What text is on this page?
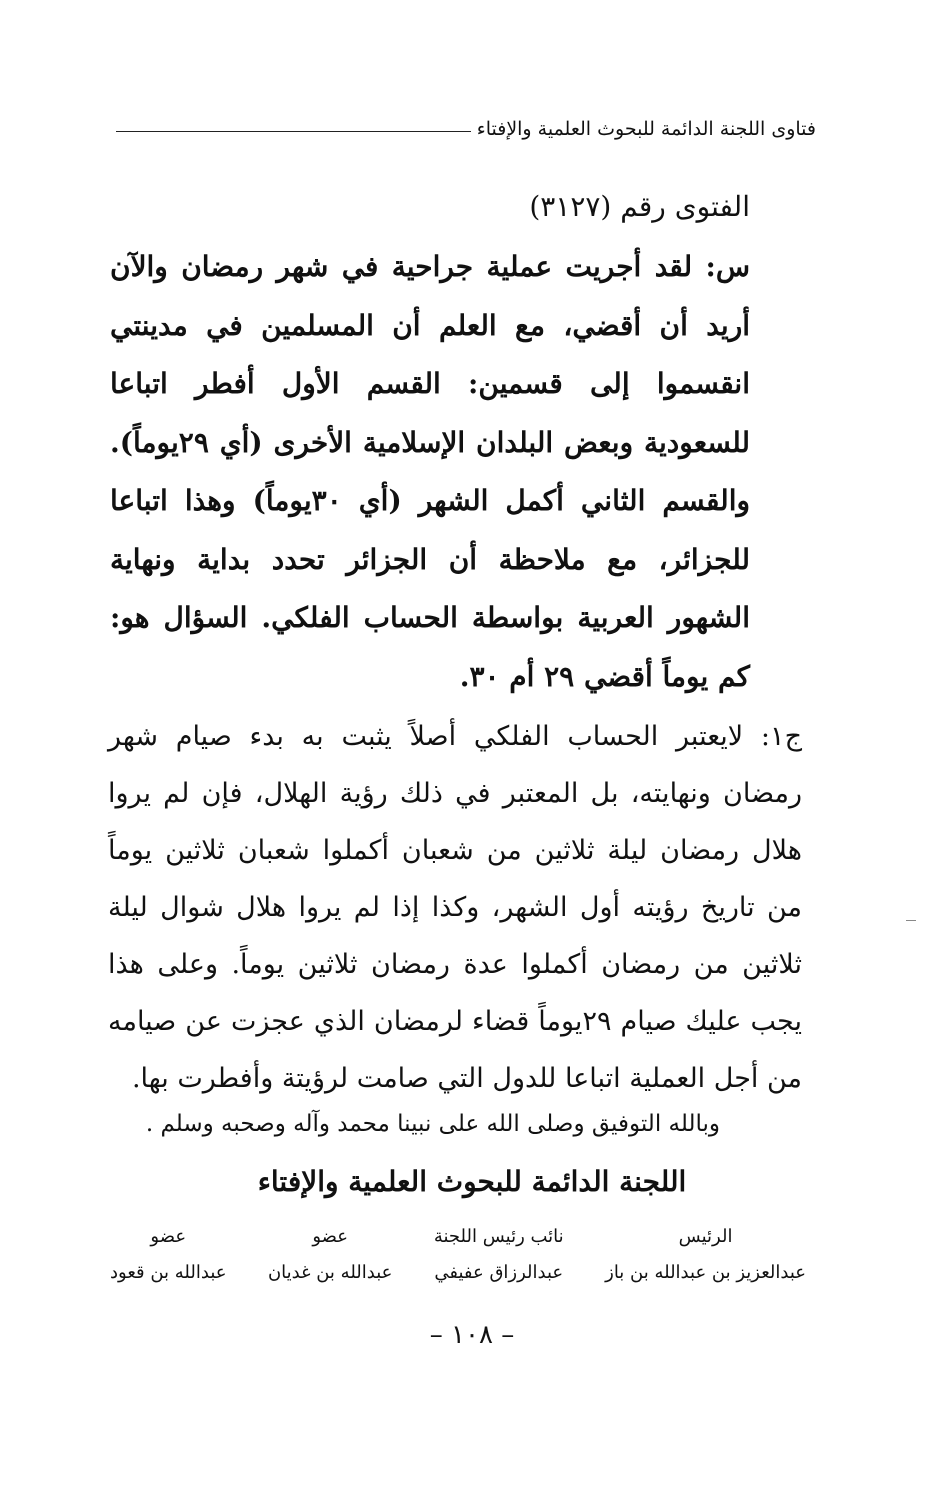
فتاوى اللجنة الدائمة للبحوث العلمية والإفتاء
الفتوى رقم (٣١٢٧)
س: لقد أجريت عملية جراحية في شهر رمضان والآن أريد أن أقضي، مع العلم أن المسلمين في مدينتي انقسموا إلى قسمين: القسم الأول أفطر اتباعا للسعودية وبعض البلدان الإسلامية الأخرى (أي ٢٩يوماً). والقسم الثاني أكمل الشهر (أي ٣٠يوماً) وهذا اتباعا للجزائر، مع ملاحظة أن الجزائر تحدد بداية ونهاية الشهور العربية بواسطة الحساب الفلكي. السؤال هو: كم يوماً أقضي ٢٩ أم ٣٠.
ج١: لايعتبر الحساب الفلكي أصلاً يثبت به بدء صيام شهر رمضان ونهايته، بل المعتبر في ذلك رؤية الهلال، فإن لم يروا هلال رمضان ليلة ثلاثين من شعبان أكملوا شعبان ثلاثين يوماً من تاريخ رؤيته أول الشهر، وكذا إذا لم يروا هلال شوال ليلة ثلاثين من رمضان أكملوا عدة رمضان ثلاثين يوماً. وعلى هذا يجب عليك صيام ٢٩يوماً قضاء لرمضان الذي عجزت عن صيامه من أجل العملية اتباعا للدول التي صامت لرؤيتة وأفطرت بها.
وبالله التوفيق وصلى الله على نبينا محمد وآله وصحبه وسلم .
اللجنة الدائمة للبحوث العلمية والإفتاء
الرئيس
عبدالعزيز بن عبدالله بن باز
نائب رئيس اللجنة
عبدالرزاق عفيفي
عضو
عبدالله بن غديان
عضو
عبدالله بن قعود
– ١٠٨ –
